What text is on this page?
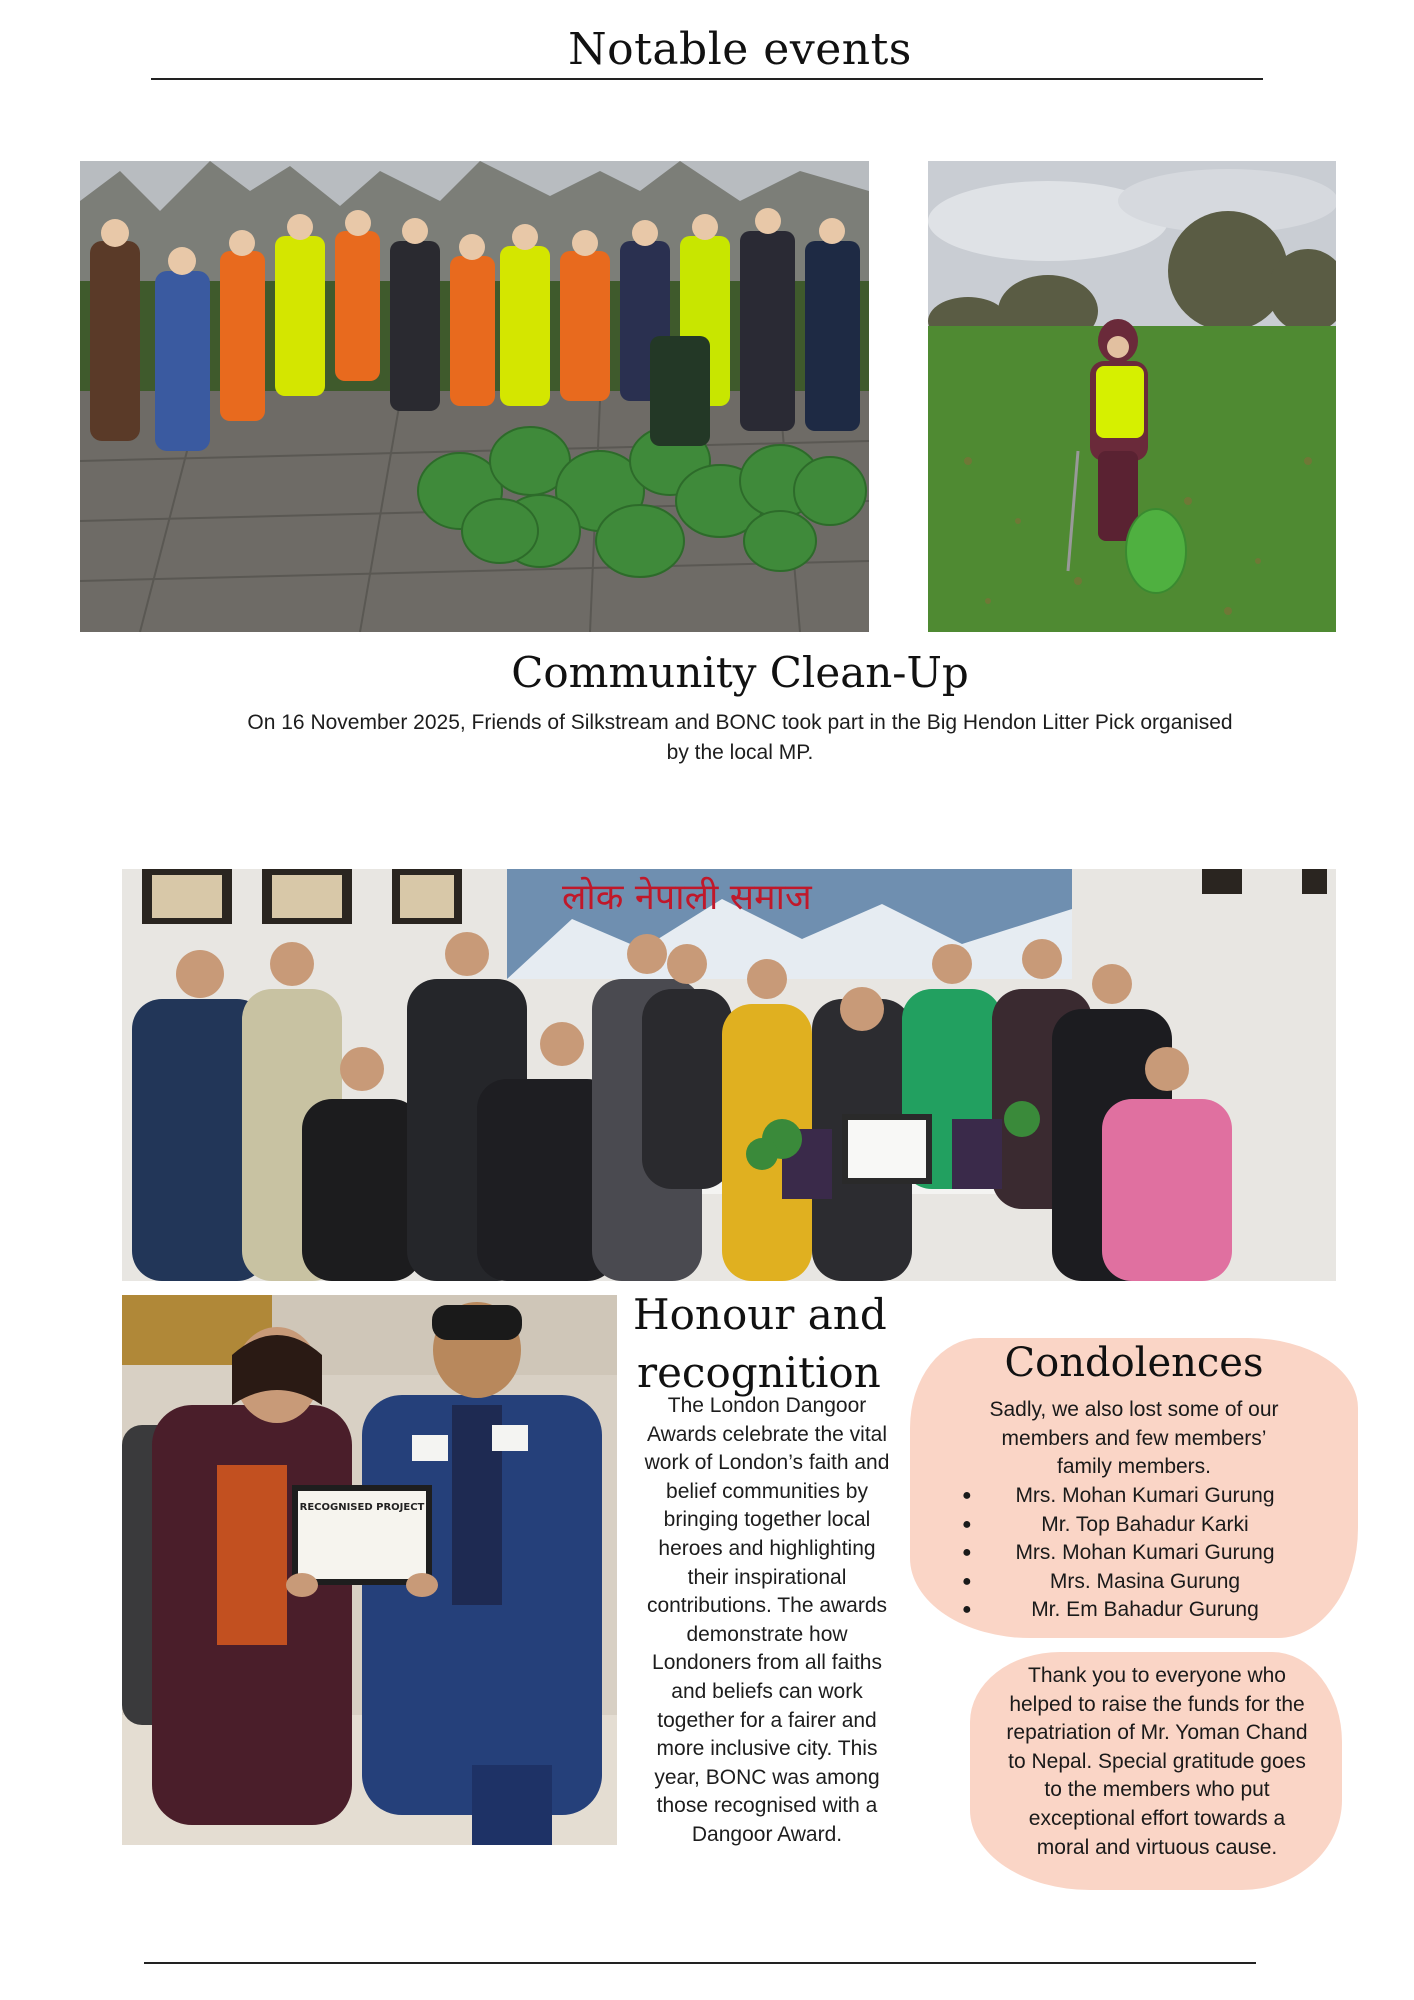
Notable events
Community Clean-Up
On 16 November 2025, Friends of Silkstream and BONC took part in the Big Hendon Litter Pick organised
by the local MP.
लोक नेपाली समाज
RECOGNISED PROJECT
Honour and
recognition
The London Dangoor
Awards celebrate the vital
work of London’s faith and
belief communities by
bringing together local
heroes and highlighting
their inspirational
contributions. The awards
demonstrate how
Londoners from all faiths
and beliefs can work
together for a fairer and
more inclusive city. This
year, BONC was among
those recognised with a
Dangoor Award.
Condolences
Sadly, we also lost some of our
members and few members’
family members.
● Mrs. Mohan Kumari Gurung
●	Mr. Top Bahadur Karki
● Mrs. Mohan Kumari Gurung
●	Mrs. Masina Gurung
●	Mr. Em Bahadur Gurung
Thank you to everyone who
helped to raise the funds for the
repatriation of Mr. Yoman Chand
to Nepal. Special gratitude goes
to the members who put
exceptional effort towards a
moral and virtuous cause.
